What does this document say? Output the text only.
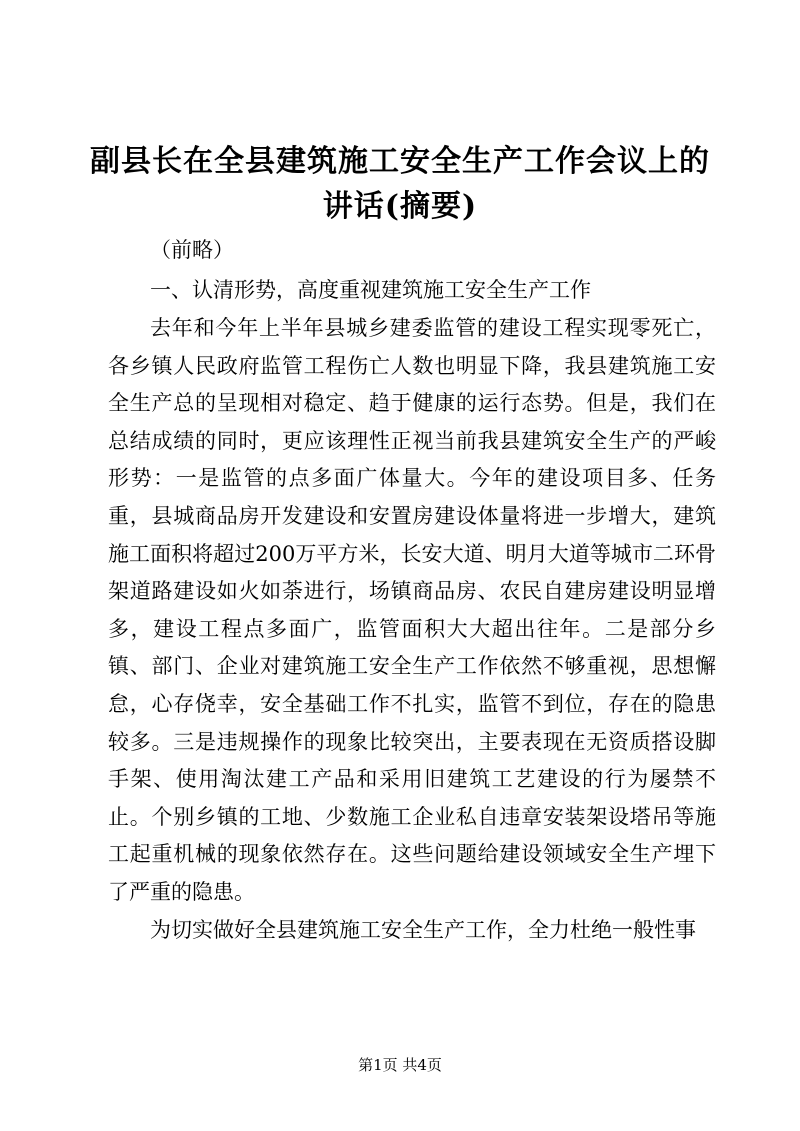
副县长在全县建筑施工安全生产工作会议上的
讲话(摘要)

（前略）

一、认清形势，高度重视建筑施工安全生产工作

去年和今年上半年县城乡建委监管的建设工程实现零死亡，各乡镇人民政府监管工程伤亡人数也明显下降，我县建筑施工安全生产总的呈现相对稳定、趋于健康的运行态势。但是，我们在总结成绩的同时，更应该理性正视当前我县建筑安全生产的严峻形势：一是监管的点多面广体量大。今年的建设项目多、任务重，县城商品房开发建设和安置房建设体量将进一步增大，建筑施工面积将超过200万平方米，长安大道、明月大道等城市二环骨架道路建设如火如荼进行，场镇商品房、农民自建房建设明显增多，建设工程点多面广，监管面积大大超出往年。二是部分乡镇、部门、企业对建筑施工安全生产工作依然不够重视，思想懈怠，心存侥幸，安全基础工作不扎实，监管不到位，存在的隐患较多。三是违规操作的现象比较突出，主要表现在无资质搭设脚手架、使用淘汰建工产品和采用旧建筑工艺建设的行为屡禁不止。个别乡镇的工地、少数施工企业私自违章安装架设塔吊等施工起重机械的现象依然存在。这些问题给建设领域安全生产埋下了严重的隐患。

为切实做好全县建筑施工安全生产工作，全力杜绝一般性事

第1页 共4页
